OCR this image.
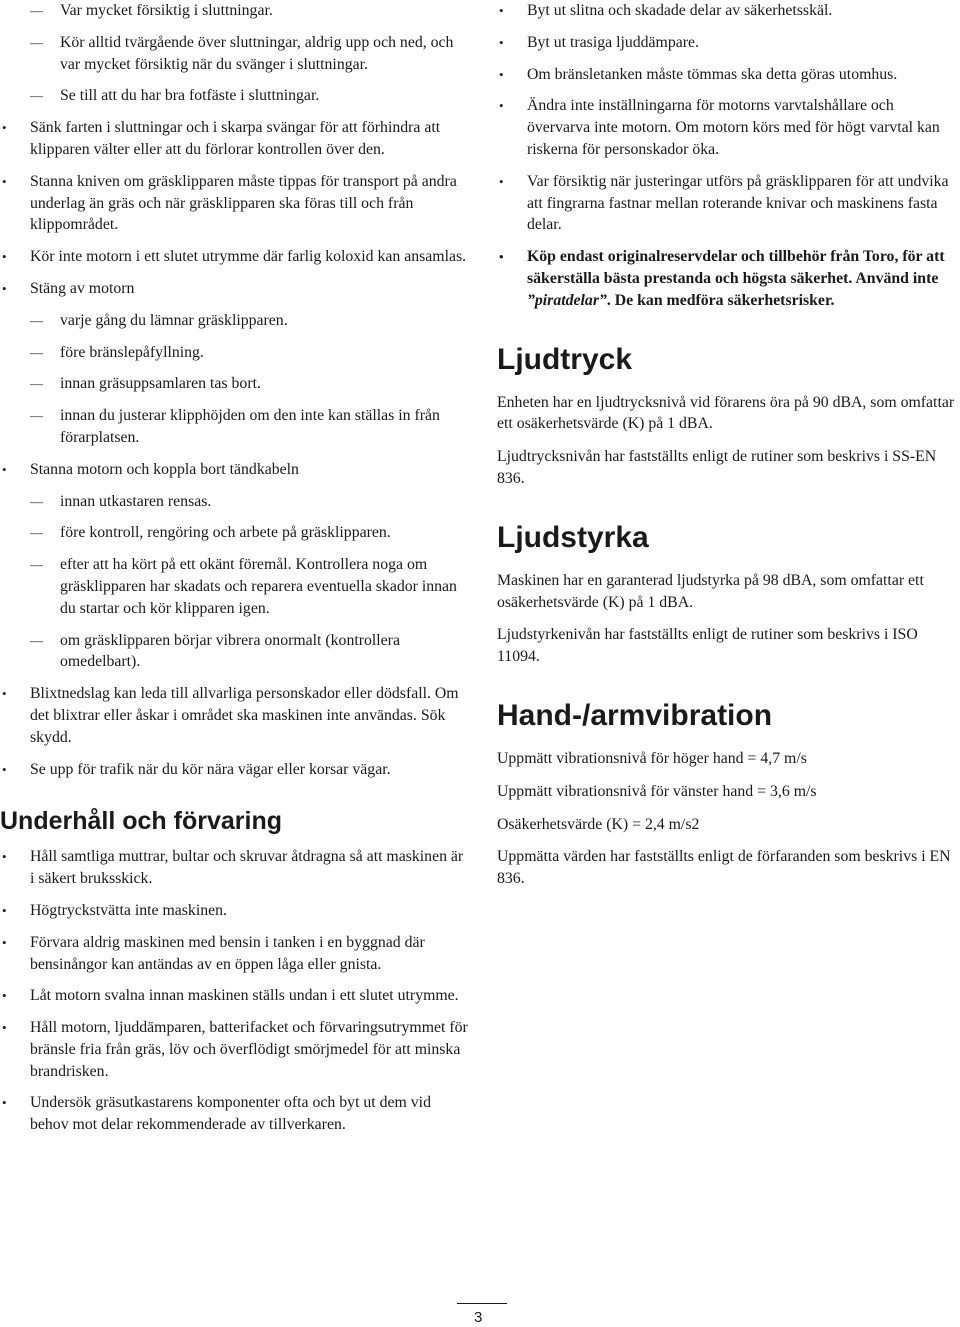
— Var mycket försiktig i sluttningar.
— Kör alltid tvärgående över sluttningar, aldrig upp och ned, och var mycket försiktig när du svänger i sluttningar.
— Se till att du har bra fotfäste i sluttningar.
• Sänk farten i sluttningar och i skarpa svängar för att förhindra att klipparen välter eller att du förlorar kontrollen över den.
• Stanna kniven om gräsklipparen måste tippas för transport på andra underlag än gräs och när gräsklipparen ska föras till och från klippområdet.
• Kör inte motorn i ett slutet utrymme där farlig koloxid kan ansamlas.
• Stäng av motorn
— varje gång du lämnar gräsklipparen.
— före bränslepåfyllning.
— innan gräsuppsamlaren tas bort.
— innan du justerar klipphöjden om den inte kan ställas in från förarplatsen.
• Stanna motorn och koppla bort tändkabeln
— innan utkastaren rensas.
— före kontroll, rengöring och arbete på gräsklipparen.
— efter att ha kört på ett okänt föremål. Kontrollera noga om gräsklipparen har skadats och reparera eventuella skador innan du startar och kör klipparen igen.
— om gräsklipparen börjar vibrera onormalt (kontrollera omedelbart).
• Blixtnedslag kan leda till allvarliga personskador eller dödsfall. Om det blixtrar eller åskar i området ska maskinen inte användas. Sök skydd.
• Se upp för trafik när du kör nära vägar eller korsar vägar.
Underhåll och förvaring
• Håll samtliga muttrar, bultar och skruvar åtdragna så att maskinen är i säkert bruksskick.
• Högtryckstvätta inte maskinen.
• Förvara aldrig maskinen med bensin i tanken i en byggnad där bensinångor kan antändas av en öppen låga eller gnista.
• Låt motorn svalna innan maskinen ställs undan i ett slutet utrymme.
• Håll motorn, ljuddämparen, batterifacket och förvaringsutrymmet för bränsle fria från gräs, löv och överflödigt smörjmedel för att minska brandrisken.
• Undersök gräsutkastarens komponenter ofta och byt ut dem vid behov mot delar rekommenderade av tillverkaren.
• Byt ut slitna och skadade delar av säkerhetsskäl.
• Byt ut trasiga ljuddämpare.
• Om bränsletanken måste tömmas ska detta göras utomhus.
• Ändra inte inställningarna för motorns varvtalshållare och övervarva inte motorn. Om motorn körs med för högt varvtal kan riskerna för personskador öka.
• Var försiktig när justeringar utförs på gräsklipparen för att undvika att fingrarna fastnar mellan roterande knivar och maskinens fasta delar.
• Köp endast originalreservdelar och tillbehör från Toro, för att säkerställa bästa prestanda och högsta säkerhet. Använd inte ”piratdelar”. De kan medföra säkerhetsrisker.
Ljudtryck

Enheten har en ljudtrycksnivå vid förarens öra på 90 dBA, som omfattar ett osäkerhetsvärde (K) på 1 dBA.

Ljudtrycksnivån har fastställts enligt de rutiner som beskrivs i SS-EN 836.

Ljudstyrka

Maskinen har en garanterad ljudstyrka på 98 dBA, som omfattar ett osäkerhetsvärde (K) på 1 dBA.

Ljudstyrkenivån har fastställts enligt de rutiner som beskrivs i ISO 11094.

Hand-/armvibration

Uppmätt vibrationsnivå för höger hand = 4,7 m/s

Uppmätt vibrationsnivå för vänster hand = 3,6 m/s

Osäkerhetsvärde (K) = 2,4 m/s2

Uppmätta värden har fastställts enligt de förfaranden som beskrivs i EN 836.

3
